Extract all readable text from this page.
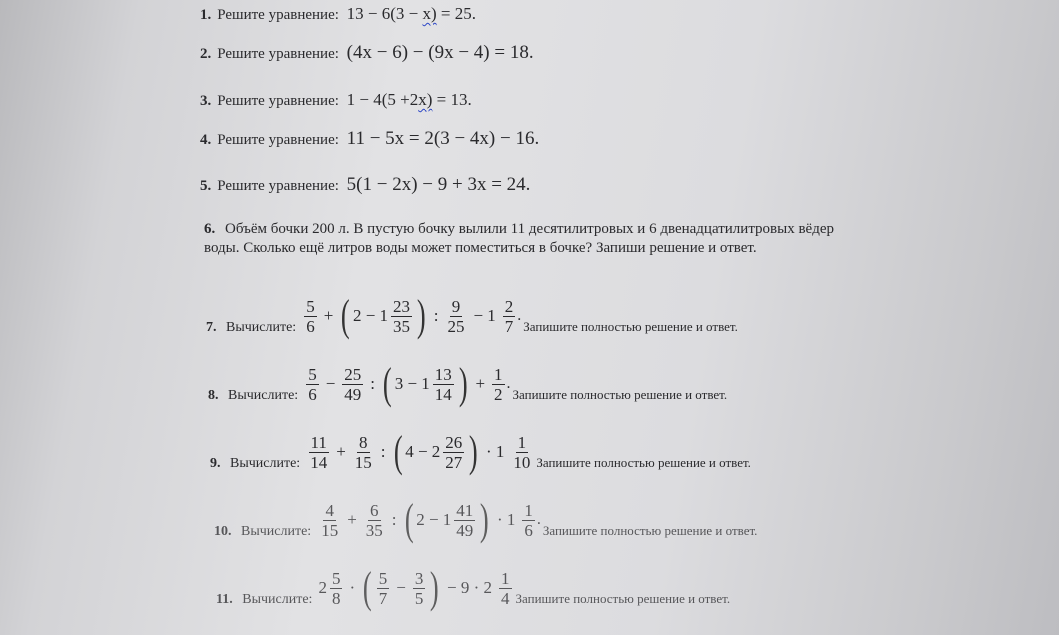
1. Решите уравнение: 13 − 6(3 − x) = 25.
2. Решите уравнение: (4x − 6) − (9x − 4) = 18.
3. Решите уравнение: 1 − 4(5 +2x) = 13.
4. Решите уравнение: 11 − 5x = 2(3 − 4x) − 16.
5. Решите уравнение: 5(1 − 2x) − 9 + 3x = 24.
6. Объём бочки 200 л. В пустую бочку вылили 11 десятилитровых и 6 двенадцатилитровых вёдер воды. Сколько ещё литров воды может поместиться в бочке? Запиши решение и ответ.
7. Вычислите: $\frac{5}{6}$ + ( $2 - 1 \frac{23}{35}$ ) : $\frac{9}{25} - 1 \frac{2}{7}$ .
Запишите полностью решение и ответ.
8. Вычислите: $\frac{5}{6} - \frac{25}{49}$ : ( $3 - 1 \frac{13}{14}$ ) + $\frac{1}{2}$ .
Запишите полностью решение и ответ.
9. Вычислите: $\frac{11}{14} + \frac{8}{15}$ : ( $4 - 2 \frac{26}{27}$ ) · $1 \frac{1}{10}$ Запишите полностью решение и ответ.
10. Вычислите: $\frac{4}{15} + \frac{6}{35}$ : ( $2 - 1 \frac{41}{49}$ ) · $1 \frac{1}{6}$ .
Запишите полностью решение и ответ.
11. Вычислите:
$2 \frac{5}{8}$ · ( $\frac{5}{7} - \frac{3}{5}$ ) − $9 \cdot 2 \frac{1}{4}$ Запишите полностью решение и ответ.
